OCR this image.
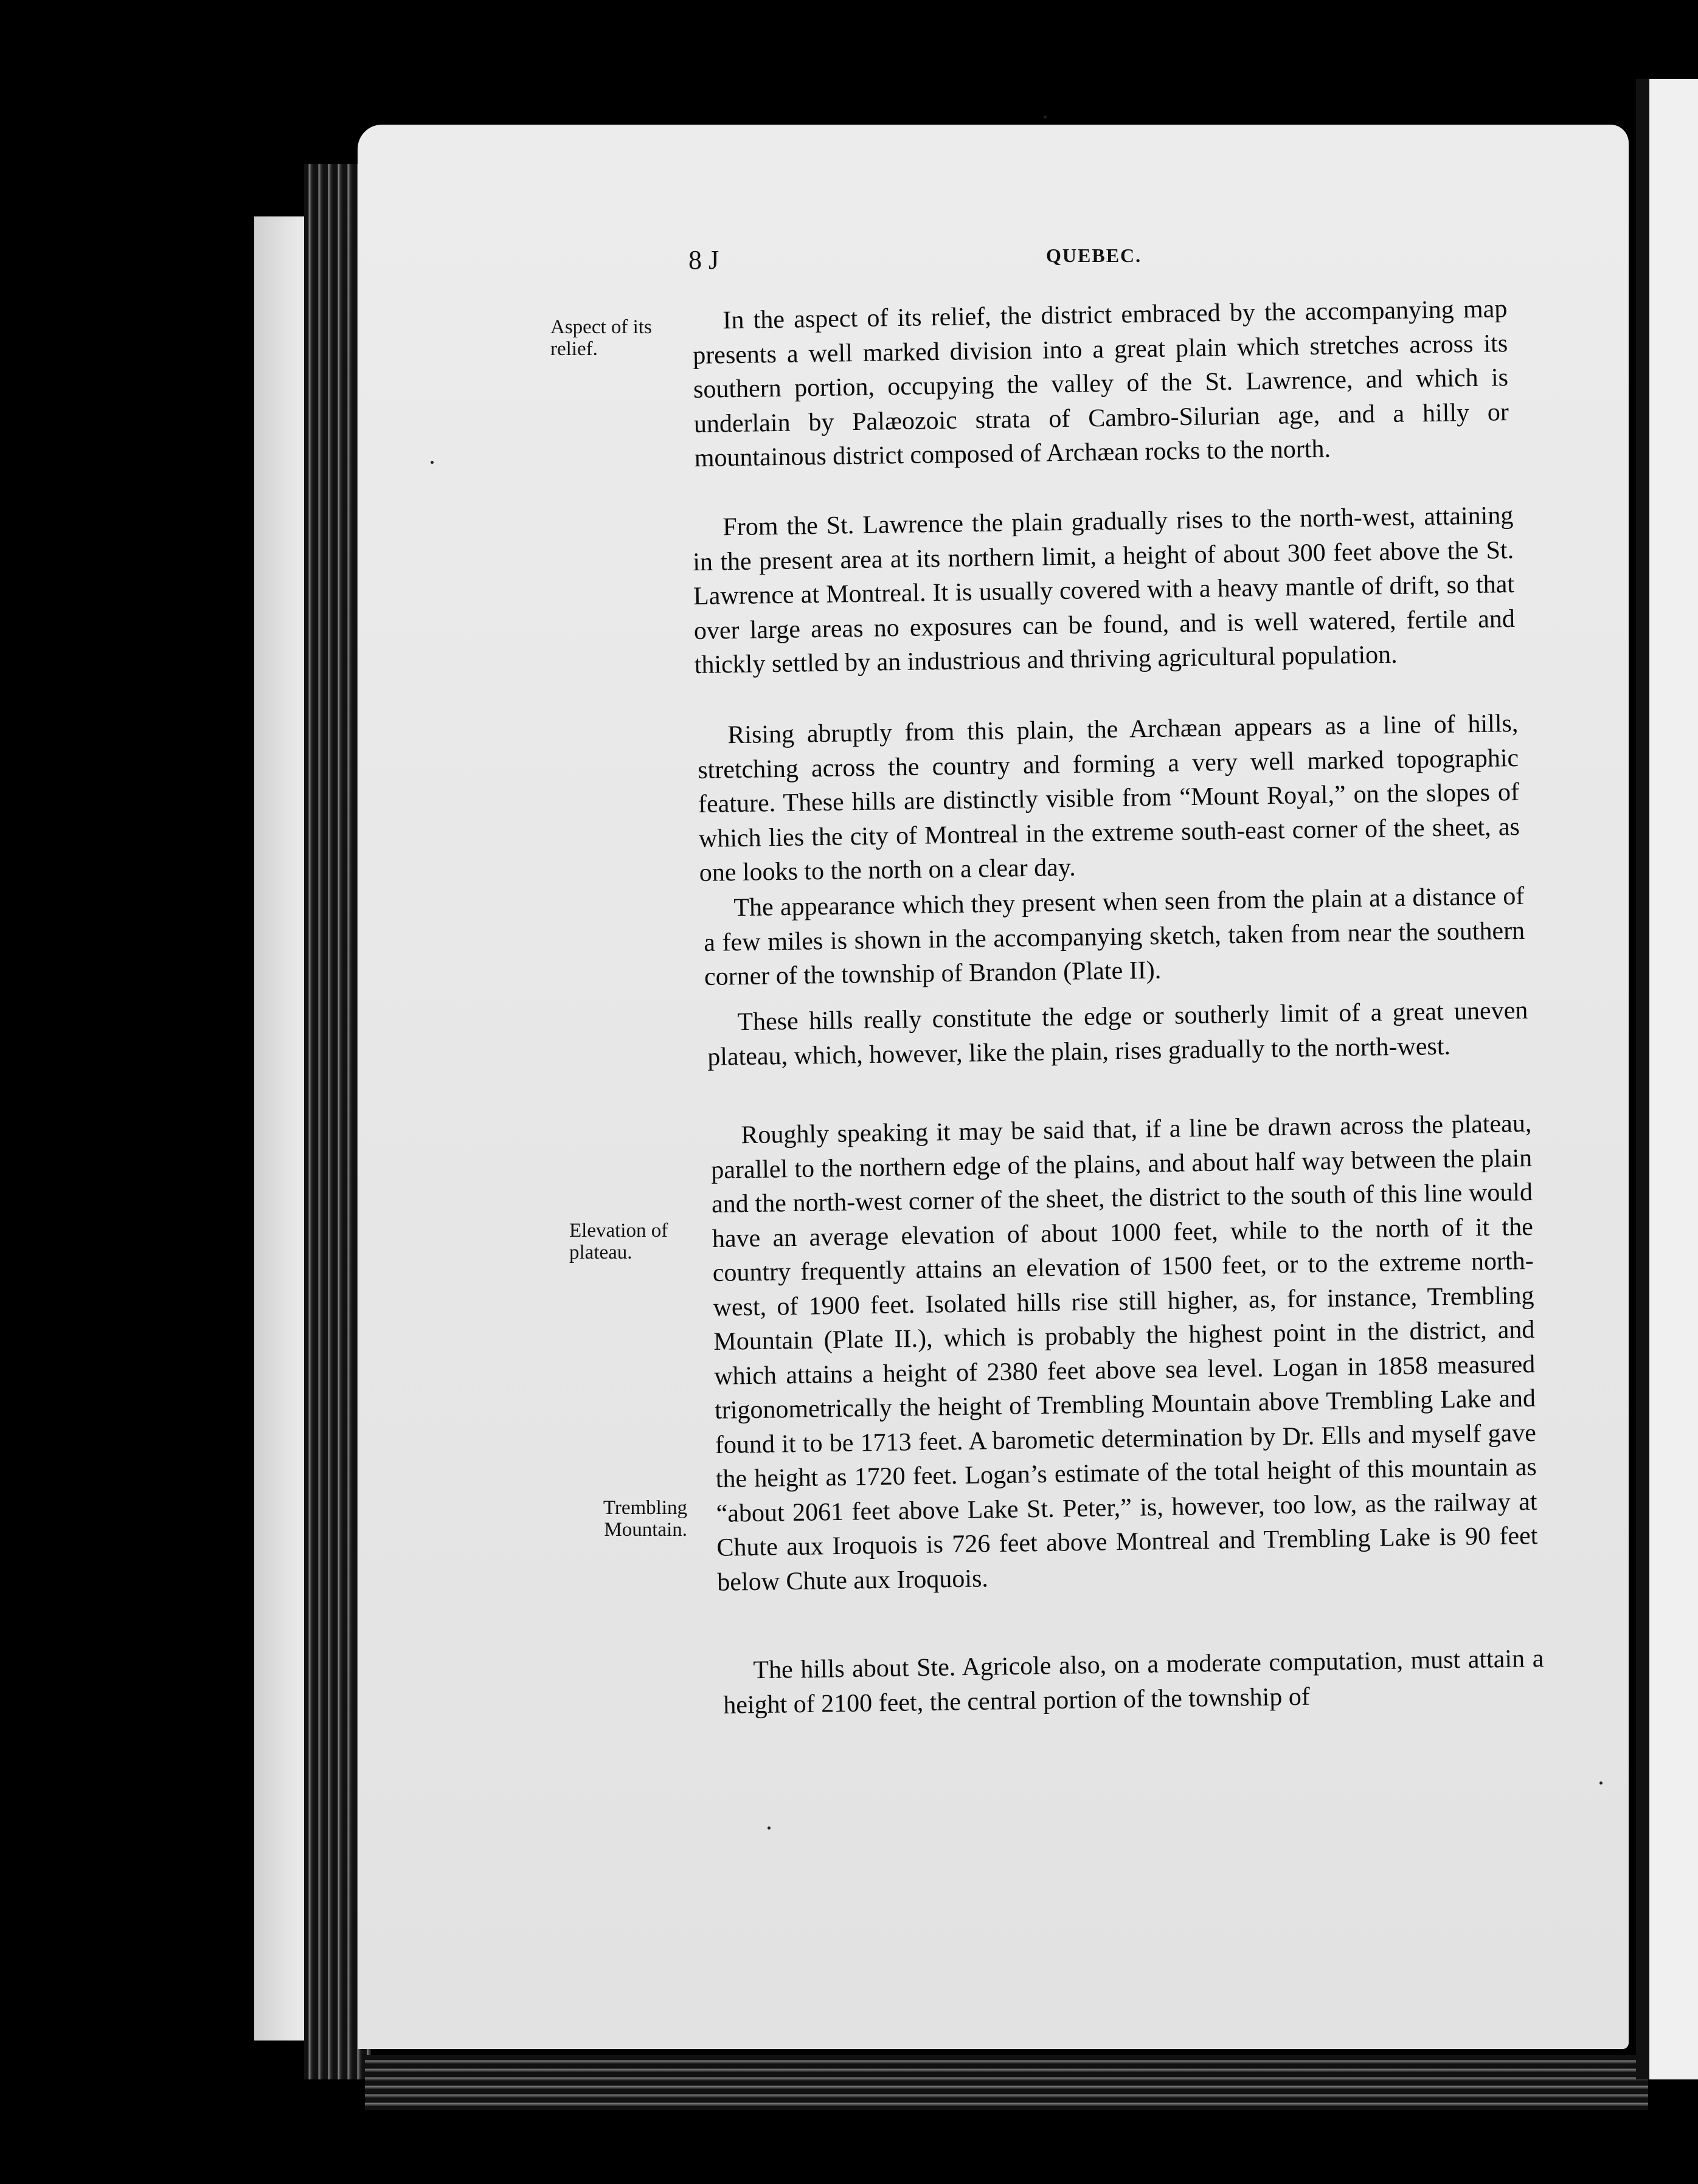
8 J	QUEBEC.
Aspect of its relief.
Elevation of plateau.
Trembling Mountain.
In the aspect of its relief, the district embraced by the accompanying map presents a well marked division into a great plain which stretches across its southern portion, occupying the valley of the St. Lawrence, and which is underlain by Palæozoic strata of Cambro-Silurian age, and a hilly or mountainous district composed of Archæan rocks to the north.
From the St. Lawrence the plain gradually rises to the north-west, attaining in the present area at its northern limit, a height of about 300 feet above the St. Lawrence at Montreal. It is usually covered with a heavy mantle of drift, so that over large areas no exposures can be found, and is well watered, fertile and thickly settled by an industrious and thriving agricultural population.
Rising abruptly from this plain, the Archæan appears as a line of hills, stretching across the country and forming a very well marked topographic feature. These hills are distinctly visible from “Mount Royal,” on the slopes of which lies the city of Montreal in the extreme south-east corner of the sheet, as one looks to the north on a clear day.
The appearance which they present when seen from the plain at a distance of a few miles is shown in the accompanying sketch, taken from near the southern corner of the township of Brandon (Plate II).
These hills really constitute the edge or southerly limit of a great uneven plateau, which, however, like the plain, rises gradually to the north-west.
Roughly speaking it may be said that, if a line be drawn across the plateau, parallel to the northern edge of the plains, and about half way between the plain and the north-west corner of the sheet, the district to the south of this line would have an average elevation of about 1000 feet, while to the north of it the country frequently attains an elevation of 1500 feet, or to the extreme north-west, of 1900 feet. Isolated hills rise still higher, as, for instance, Trembling Mountain (Plate II.), which is probably the highest point in the district, and which attains a height of 2380 feet above sea level. Logan in 1858 measured trigonometrically the height of Trembling Mountain above Trembling Lake and found it to be 1713 feet. A barometic determination by Dr. Ells and myself gave the height as 1720 feet. Logan’s estimate of the total height of this mountain as “about 2061 feet above Lake St. Peter,” is, however, too low, as the railway at Chute aux Iroquois is 726 feet above Montreal and Trembling Lake is 90 feet below Chute aux Iroquois.
The hills about Ste. Agricole also, on a moderate computation, must attain a height of 2100 feet, the central portion of the township of
